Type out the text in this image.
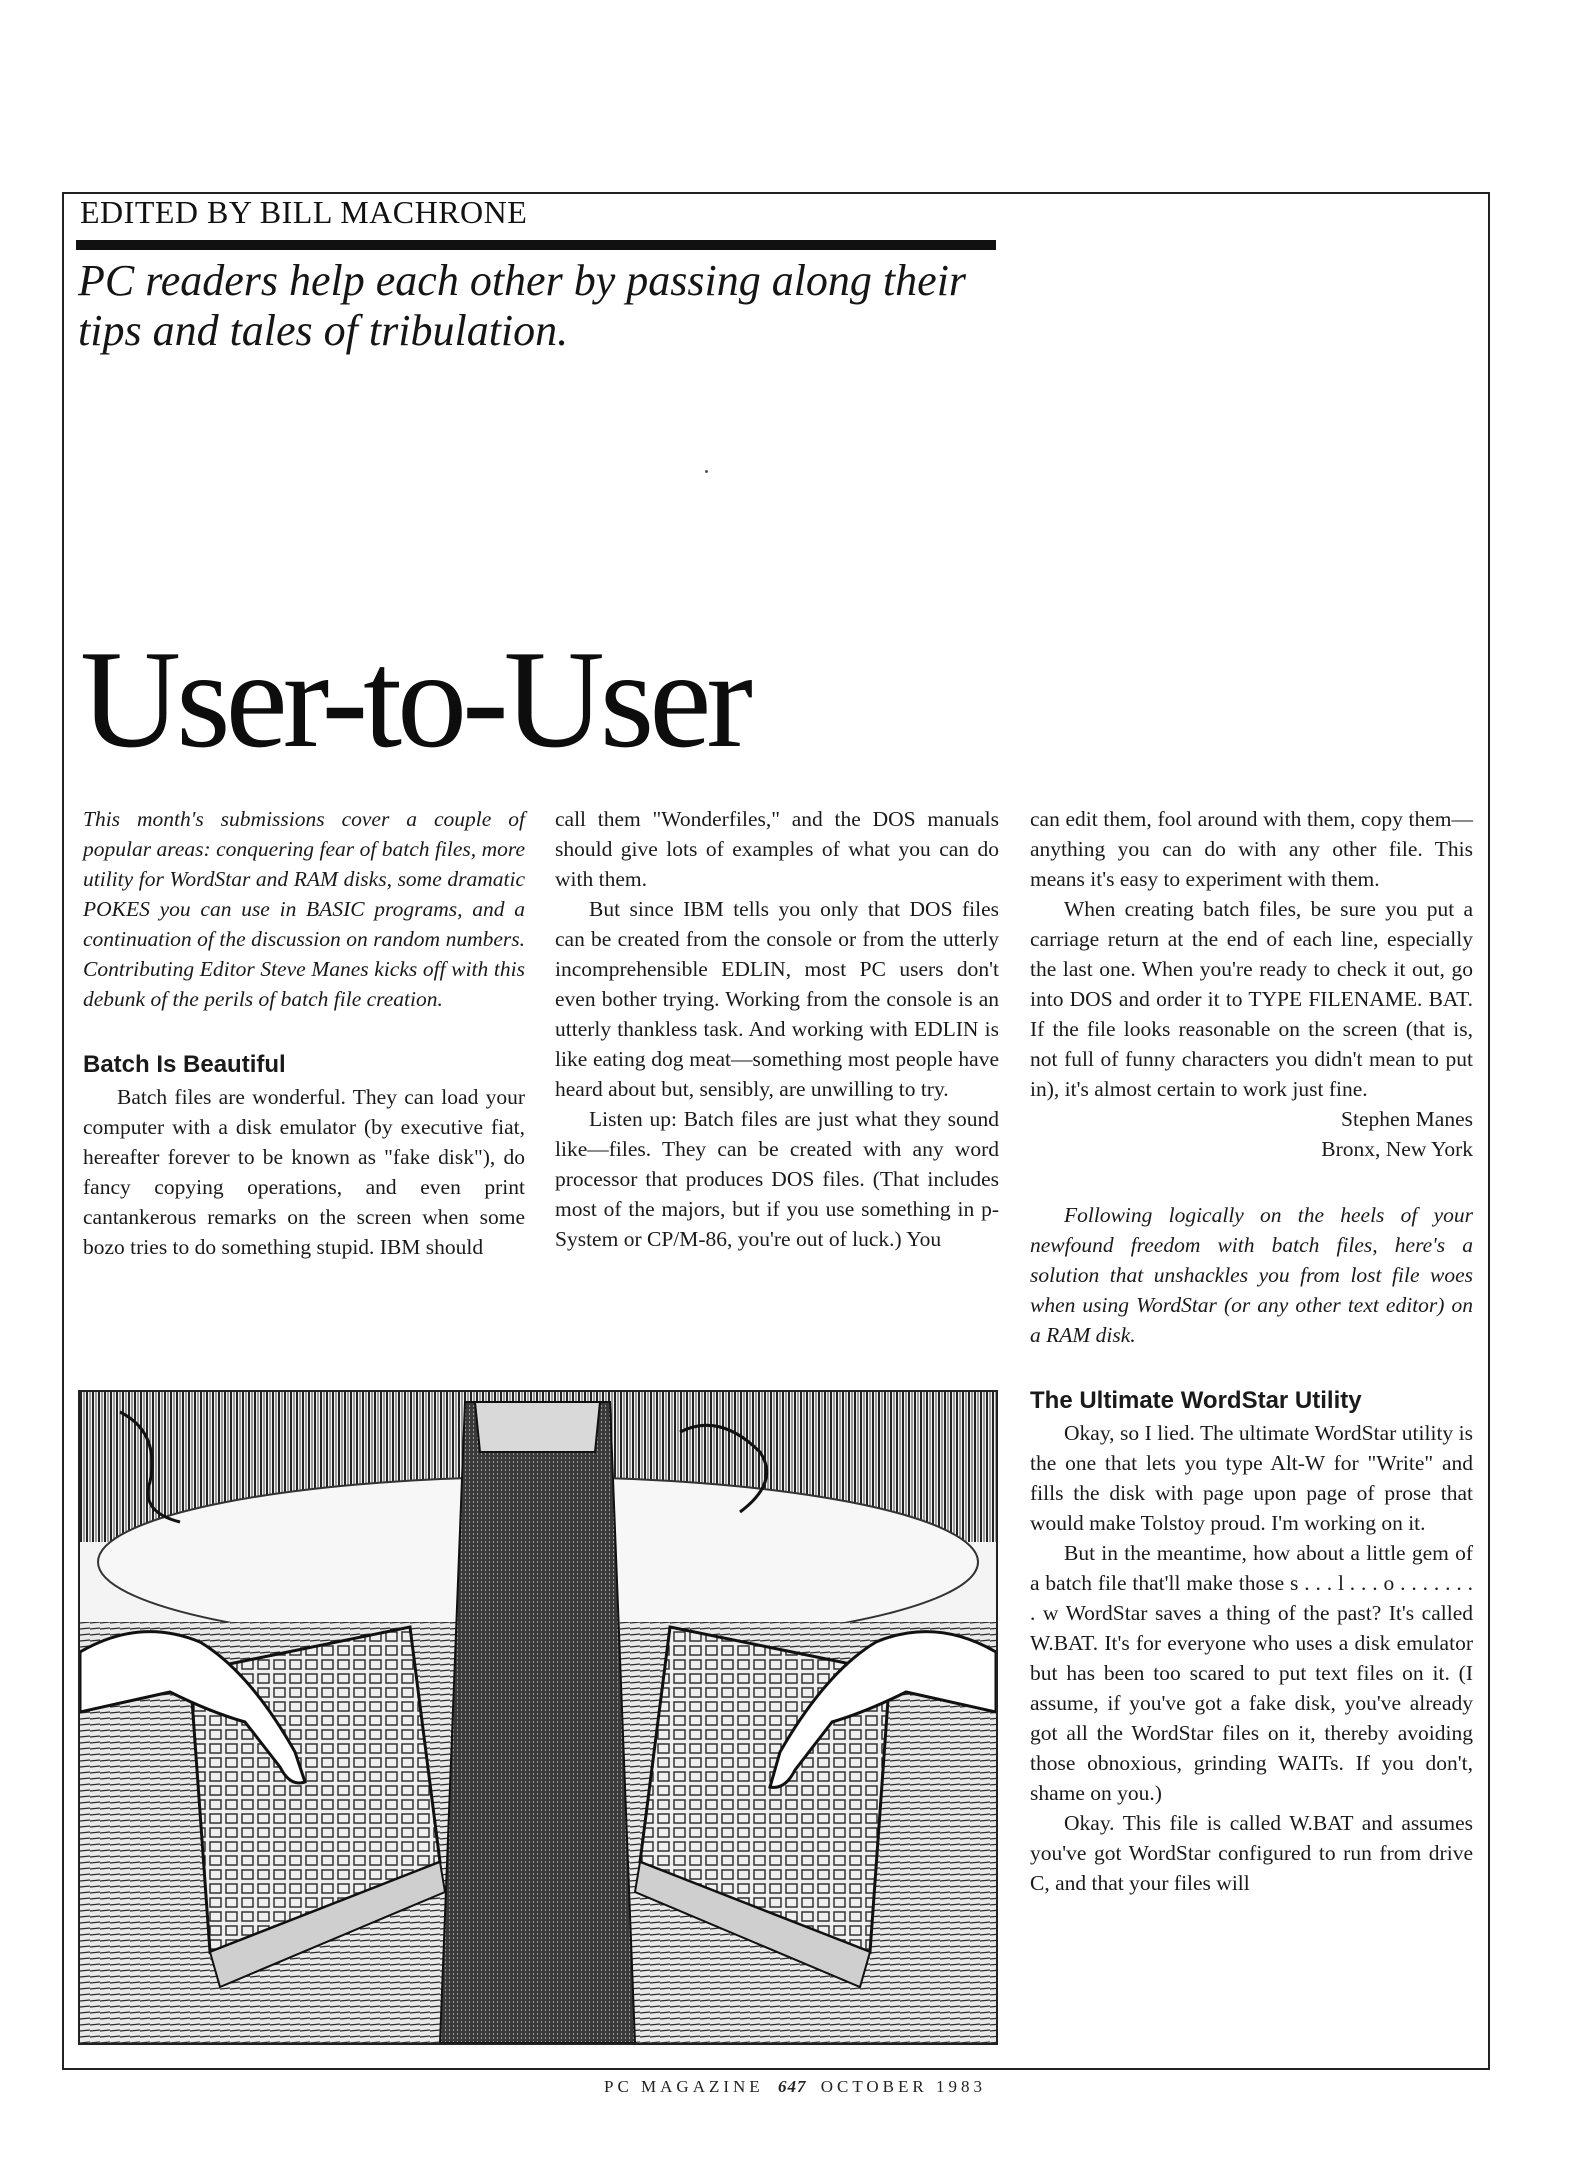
EDITED BY BILL MACHRONE
PC readers help each other by passing along their tips and tales of tribulation.
User-to-User

This month's submissions cover a couple of popular areas: conquering fear of batch files, more utility for WordStar and RAM disks, some dramatic POKES you can use in BASIC programs, and a continuation of the discussion on random numbers. Contributing Editor Steve Manes kicks off with this debunk of the perils of batch file creation.

Batch Is Beautiful

Batch files are wonderful. They can load your computer with a disk emulator (by executive fiat, hereafter forever to be known as "fake disk"), do fancy copying operations, and even print cantankerous remarks on the screen when some bozo tries to do something stupid. IBM should

call them "Wonderfiles," and the DOS manuals should give lots of examples of what you can do with them.

But since IBM tells you only that DOS files can be created from the console or from the utterly incomprehensible EDLIN, most PC users don't even bother trying. Working from the console is an utterly thankless task. And working with EDLIN is like eating dog meat—something most people have heard about but, sensibly, are unwilling to try.

Listen up: Batch files are just what they sound like—files. They can be created with any word processor that produces DOS files. (That includes most of the majors, but if you use something in p-System or CP/M-86, you're out of luck.) You

can edit them, fool around with them, copy them—anything you can do with any other file. This means it's easy to experiment with them.

When creating batch files, be sure you put a carriage return at the end of each line, especially the last one. When you're ready to check it out, go into DOS and order it to TYPE FILENAME. BAT. If the file looks reasonable on the screen (that is, not full of funny characters you didn't mean to put in), it's almost certain to work just fine.

Stephen Manes

Bronx, New York

Following logically on the heels of your newfound freedom with batch files, here's a solution that unshackles you from lost file woes when using WordStar (or any other text editor) on a RAM disk.

The Ultimate WordStar Utility

Okay, so I lied. The ultimate WordStar utility is the one that lets you type Alt-W for "Write" and fills the disk with page upon page of prose that would make Tolstoy proud. I'm working on it.

But in the meantime, how about a little gem of a batch file that'll make those s . . . l . . . o . . . . . . . . w WordStar saves a thing of the past? It's called W.BAT. It's for everyone who uses a disk emulator but has been too scared to put text files on it. (I assume, if you've got a fake disk, you've already got all the WordStar files on it, thereby avoiding those obnoxious, grinding WAITs. If you don't, shame on you.)

Okay. This file is called W.BAT and assumes you've got WordStar configured to run from drive C, and that your files will

PC MAGAZINE 647 OCTOBER 1983
